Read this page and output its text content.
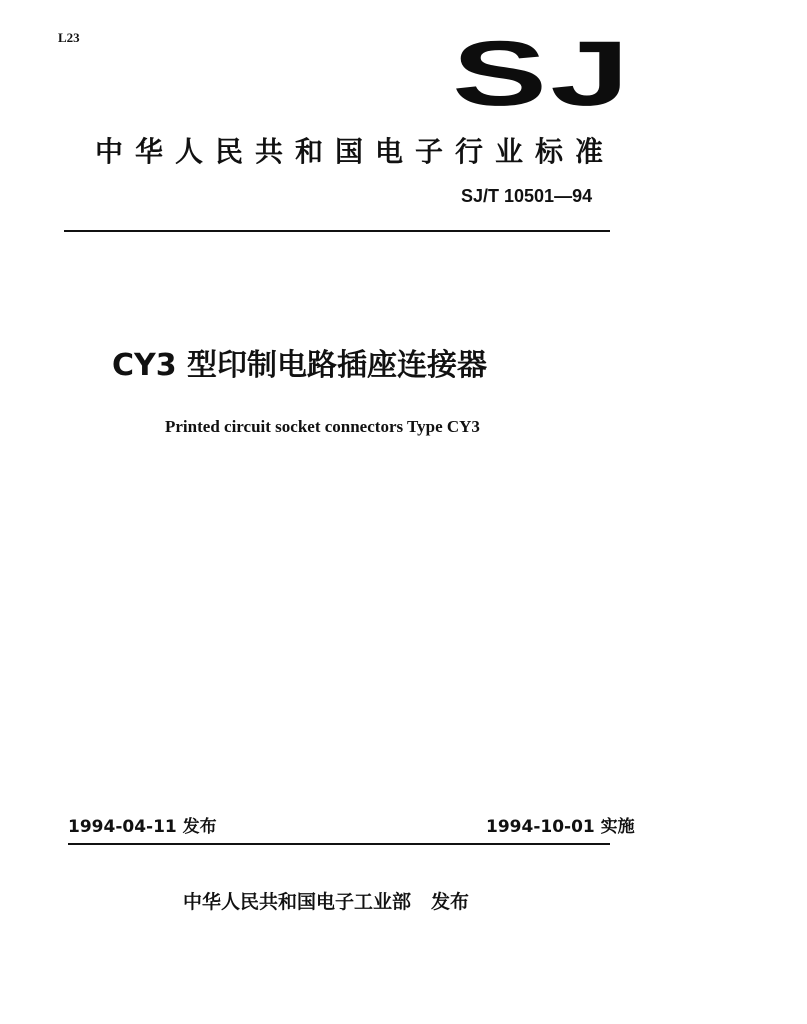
L23	SJ
中华人民共和国电子行业标准
SJ/T 10501—94
CY3 型印制电路插座连接器
Printed circuit socket connectors Type CY3
1994-04-11 发布	1994-10-01 实施
中华人民共和国电子工业部 发布
